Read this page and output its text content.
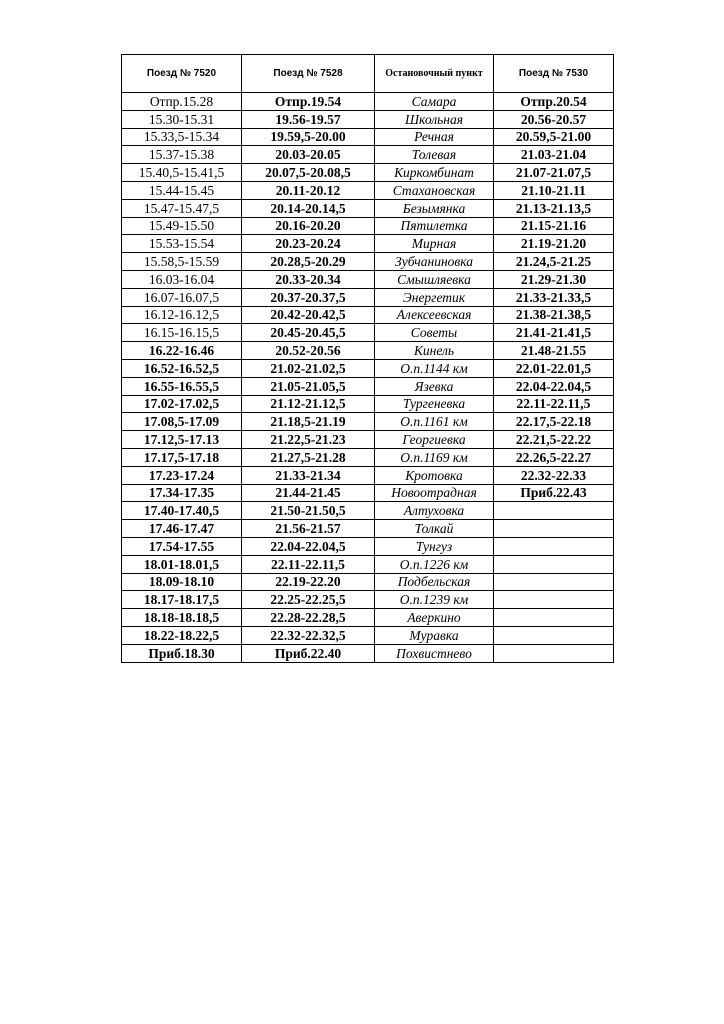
Поезд № 7520	Поезд № 7528	Остановочный пункт	Поезд № 7530
Отпр.15.28	Отпр.19.54	Самара	Отпр.20.54
15.30-15.31	19.56-19.57	Школьная	20.56-20.57
15.33,5-15.34	19.59,5-20.00	Речная	20.59,5-21.00
15.37-15.38	20.03-20.05	Толевая	21.03-21.04
15.40,5-15.41,5	20.07,5-20.08,5	Киркомбинат	21.07-21.07,5
15.44-15.45	20.11-20.12	Стахановская	21.10-21.11
15.47-15.47,5	20.14-20.14,5	Безымянка	21.13-21.13,5
15.49-15.50	20.16-20.20	Пятилетка	21.15-21.16
15.53-15.54	20.23-20.24	Мирная	21.19-21.20
15.58,5-15.59	20.28,5-20.29	Зубчаниновка	21.24,5-21.25
16.03-16.04	20.33-20.34	Смышляевка	21.29-21.30
16.07-16.07,5	20.37-20.37,5	Энергетик	21.33-21.33,5
16.12-16.12,5	20.42-20.42,5	Алексеевская	21.38-21.38,5
16.15-16.15,5	20.45-20.45,5	Советы	21.41-21.41,5
16.22-16.46	20.52-20.56	Кинель	21.48-21.55
16.52-16.52,5	21.02-21.02,5	О.п.1144 км	22.01-22.01,5
16.55-16.55,5	21.05-21.05,5	Язевка	22.04-22.04,5
17.02-17.02,5	21.12-21.12,5	Тургеневка	22.11-22.11,5
17.08,5-17.09	21.18,5-21.19	О.п.1161 км	22.17,5-22.18
17.12,5-17.13	21.22,5-21.23	Георгиевка	22.21,5-22.22
17.17,5-17.18	21.27,5-21.28	О.п.1169 км	22.26,5-22.27
17.23-17.24	21.33-21.34	Кротовка	22.32-22.33
17.34-17.35	21.44-21.45	Новоотрадная	Приб.22.43
17.40-17.40,5	21.50-21.50,5	Алтуховка	
17.46-17.47	21.56-21.57	Толкай	
17.54-17.55	22.04-22.04,5	Тунгуз	
18.01-18.01,5	22.11-22.11,5	О.п.1226 км	
18.09-18.10	22.19-22.20	Подбельская	
18.17-18.17,5	22.25-22.25,5	О.п.1239 км	
18.18-18.18,5	22.28-22.28,5	Аверкино	
18.22-18.22,5	22.32-22.32,5	Муравка	
Приб.18.30	Приб.22.40	Похвистнево	
